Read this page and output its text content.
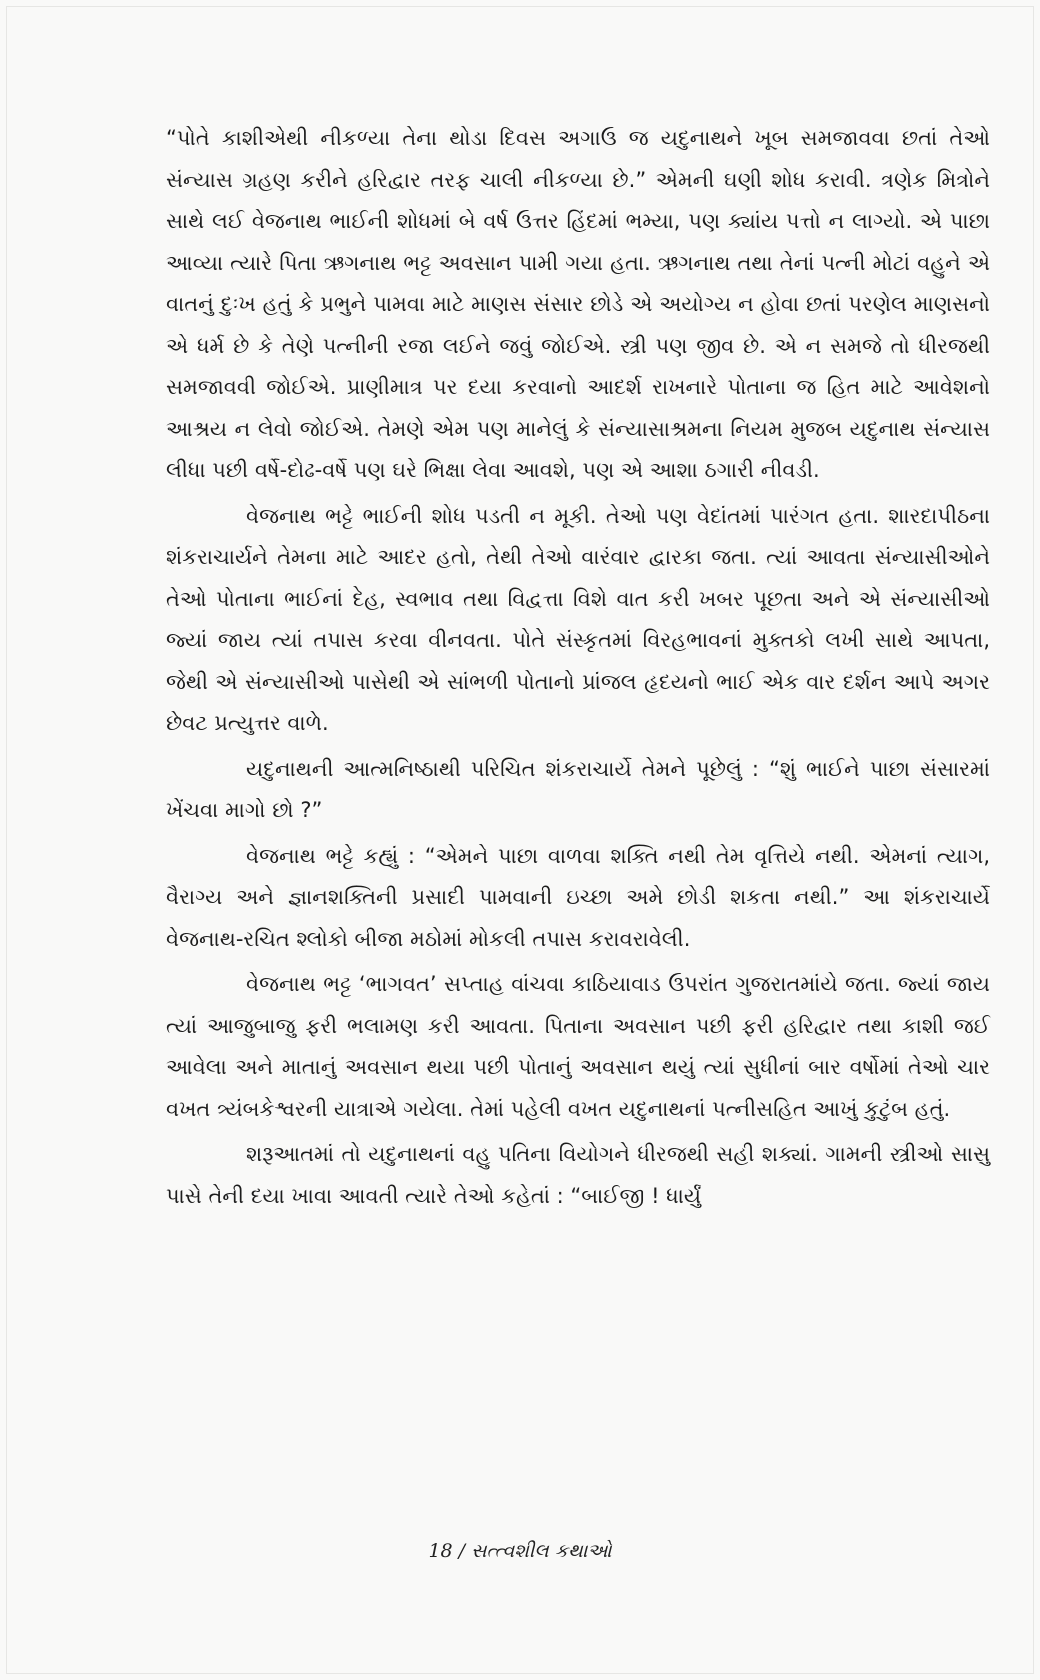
“પોતે કાશીએથી નીકળ્યા તેના થોડા દિવસ અગાઉ જ યદુનાથને ખૂબ સમજાવવા છતાં તેઓ સંન્યાસ ગ્રહણ કરીને હરિદ્વાર તરફ ચાલી નીકળ્યા છે.” એમની ઘણી શોધ કરાવી. ત્રણેક મિત્રોને સાથે લઈ વેજનાથ ભાઈની શોધમાં બે વર્ષ ઉત્તર હિંદમાં ભમ્યા, પણ ક્યાંય પત્તો ન લાગ્યો. એ પાછા આવ્યા ત્યારે પિતા ઋગનાથ ભટ્ટ અવસાન પામી ગયા હતા. ઋગનાથ તથા તેનાં પત્ની મોટાં વહુને એ વાતનું દુઃખ હતું કે પ્રભુને પામવા માટે માણસ સંસાર છોડે એ અયોગ્ય ન હોવા છતાં પરણેલ માણસનો એ ધર્મ છે કે તેણે પત્નીની રજા લઈને જવું જોઈએ. સ્ત્રી પણ જીવ છે. એ ન સમજે તો ધીરજથી સમજાવવી જોઈએ. પ્રાણીમાત્ર પર દયા કરવાનો આદર્શ રાખનારે પોતાના જ હિત માટે આવેશનો આશ્રય ન લેવો જોઈએ. તેમણે એમ પણ માનેલું કે સંન્યાસાશ્રમના નિયમ મુજબ યદુનાથ સંન્યાસ લીધા પછી વર્ષે-દોઢ-વર્ષે પણ ઘરે ભિક્ષા લેવા આવશે, પણ એ આશા ઠગારી નીવડી.

વેજનાથ ભટ્ટે ભાઈની શોધ પડતી ન મૂકી. તેઓ પણ વેદાંતમાં પારંગત હતા. શારદાપીઠના શંકરાચાર્યને તેમના માટે આદર હતો, તેથી તેઓ વારંવાર દ્વારકા જતા. ત્યાં આવતા સંન્યાસીઓને તેઓ પોતાના ભાઈનાં દેહ, સ્વભાવ તથા વિદ્વત્તા વિશે વાત કરી ખબર પૂછતા અને એ સંન્યાસીઓ જ્યાં જાય ત્યાં તપાસ કરવા વીનવતા. પોતે સંસ્કૃતમાં વિરહભાવનાં મુક્તકો લખી સાથે આપતા, જેથી એ સંન્યાસીઓ પાસેથી એ સાંભળી પોતાનો પ્રાંજલ હૃદયનો ભાઈ એક વાર દર્શન આપે અગર છેવટ પ્રત્યુત્તર વાળે.

યદુનાથની આત્મનિષ્ઠાથી પરિચિત શંકરાચાર્યે તેમને પૂછેલું : “શું ભાઈને પાછા સંસારમાં ખેંચવા માગો છો ?”

વેજનાથ ભટ્ટે કહ્યું : “એમને પાછા વાળવા શક્તિ નથી તેમ વૃત્તિયે નથી. એમનાં ત્યાગ, વૈરાગ્ય અને જ્ઞાનશક્તિની પ્રસાદી પામવાની ઇચ્છા અમે છોડી શકતા નથી.” આ શંકરાચાર્યે વેજનાથ-રચિત શ્લોકો બીજા મઠોમાં મોકલી તપાસ કરાવરાવેલી.

વેજનાથ ભટ્ટ ‘ભાગવત’ સપ્તાહ વાંચવા કાઠિયાવાડ ઉપરાંત ગુજરાતમાંયે જતા. જ્યાં જાય ત્યાં આજુબાજુ ફરી ભલામણ કરી આવતા. પિતાના અવસાન પછી ફરી હરિદ્વાર તથા કાશી જઈ આવેલા અને માતાનું અવસાન થયા પછી પોતાનું અવસાન થયું ત્યાં સુધીનાં બાર વર્ષોમાં તેઓ ચાર વખત ત્ર્યંબકેશ્વરની યાત્રાએ ગયેલા. તેમાં પહેલી વખત યદુનાથનાં પત્નીસહિત આખું કુટુંબ હતું.

શરૂઆતમાં તો યદુનાથનાં વહુ પતિના વિયોગને ધીરજથી સહી શક્યાં. ગામની સ્ત્રીઓ સાસુ પાસે તેની દયા ખાવા આવતી ત્યારે તેઓ કહેતાં : “બાઈજી ! ધાર્યું

18 / સત્ત્વશીલ કથાઓ
